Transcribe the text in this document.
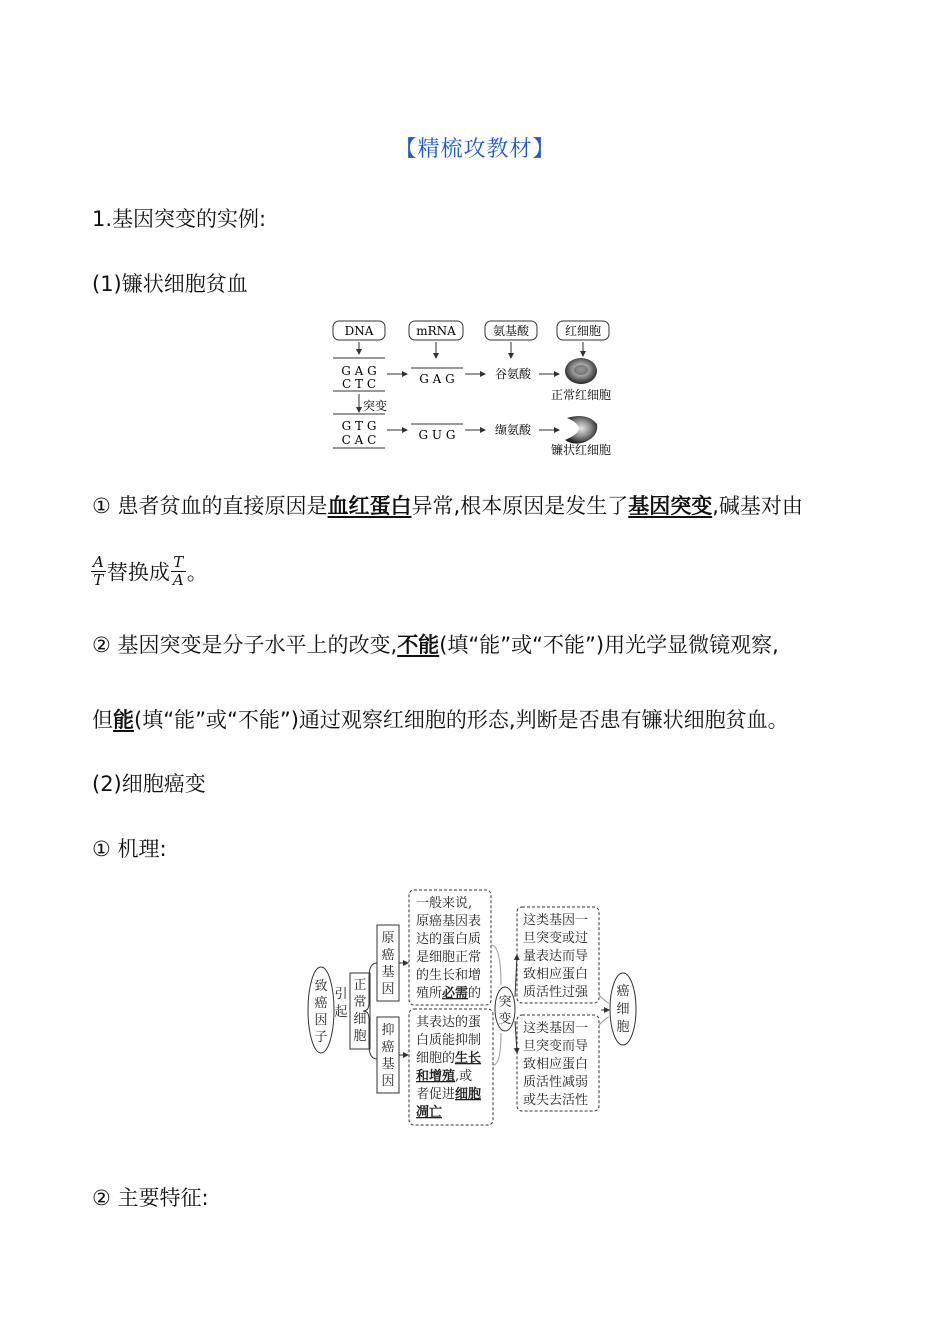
【精梳攻教材】
1.基因突变的实例:
(1)镰状细胞贫血
DNA	mRNA	氨基酸	红细胞
G A G
C T C	G A G	谷氨酸
正常红细胞
突变
G T G
C A C	G U G	缬氨酸
镰状红细胞
① 患者贫血的直接原因是血红蛋白异常,根本原因是发生了基因突变,碱基对由
$\frac{A}{T}$ 替换成 $\frac{T}{A}$ 。
② 基因突变是分子水平上的改变,不能(填“能”或“不能”)用光学显微镜观察,
但能(填“能”或“不能”)通过观察红细胞的形态,判断是否患有镰状细胞贫血。
(2)细胞癌变
① 机理:
致
癌
因
子
引
起
正
常
细
胞
原
癌
基
因
抑
癌
基
因
一般来说,
原癌基因表
达的蛋白质
是细胞正常
的生长和增
殖所必需的
其表达的蛋
白质能抑制
细胞的生长
和增殖,或
者促进细胞
凋亡
突
变
这类基因一
旦突变或过
量表达而导
致相应蛋白
质活性过强
这类基因一
旦突变而导
致相应蛋白
质活性减弱
或失去活性
癌
细
胞
② 主要特征:
